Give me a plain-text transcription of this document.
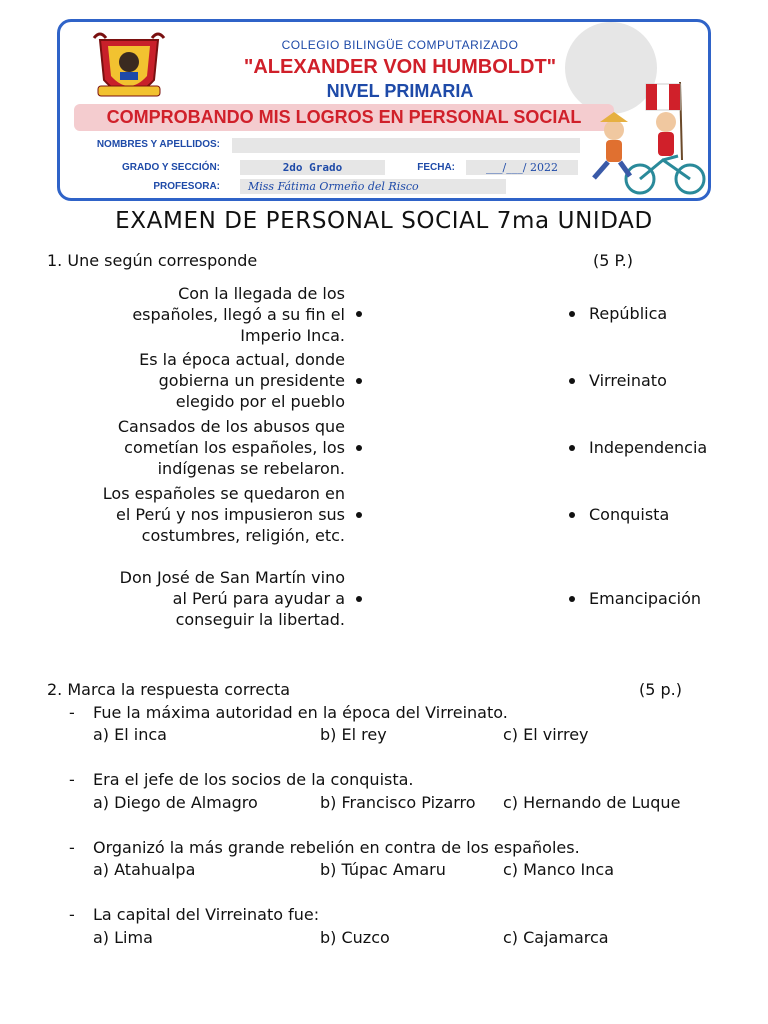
COLEGIO BILINGÜE COMPUTARIZADO
"ALEXANDER VON HUMBOLDT"
NIVEL PRIMARIA
COMPROBANDO MIS LOGROS EN PERSONAL SOCIAL
NOMBRES Y APELLIDOS:
GRADO Y SECCIÓN:	2do Grado	FECHA:	___/___/ 2022
PROFESORA:	Miss Fátima Ormeño del Risco
EXAMEN DE PERSONAL SOCIAL 7ma UNIDAD
1. Une según corresponde	(5 P.)
Con la llegada de los
españoles, llegó a su fin el
Imperio Inca.
República
Es la época actual, donde
gobierna un presidente
elegido por el pueblo
Virreinato
Cansados de los abusos que
cometían los españoles, los
indígenas se rebelaron.
Independencia
Los españoles se quedaron en
el Perú y nos impusieron sus
costumbres, religión, etc.
Conquista
Don José de San Martín vino
al Perú para ayudar a
conseguir la libertad.
Emancipación
2. Marca la respuesta correcta	(5 p.)
- Fue la máxima autoridad en la época del Virreinato.
a) El inca	b) El rey	c) El virrey
- Era el jefe de los socios de la conquista.
a) Diego de Almagro	b) Francisco Pizarro c) Hernando de Luque
- Organizó la más grande rebelión en contra de los españoles.
a) Atahualpa	b) Túpac Amaru	c) Manco Inca
- La capital del Virreinato fue:
a) Lima	b) Cuzco	c) Cajamarca
